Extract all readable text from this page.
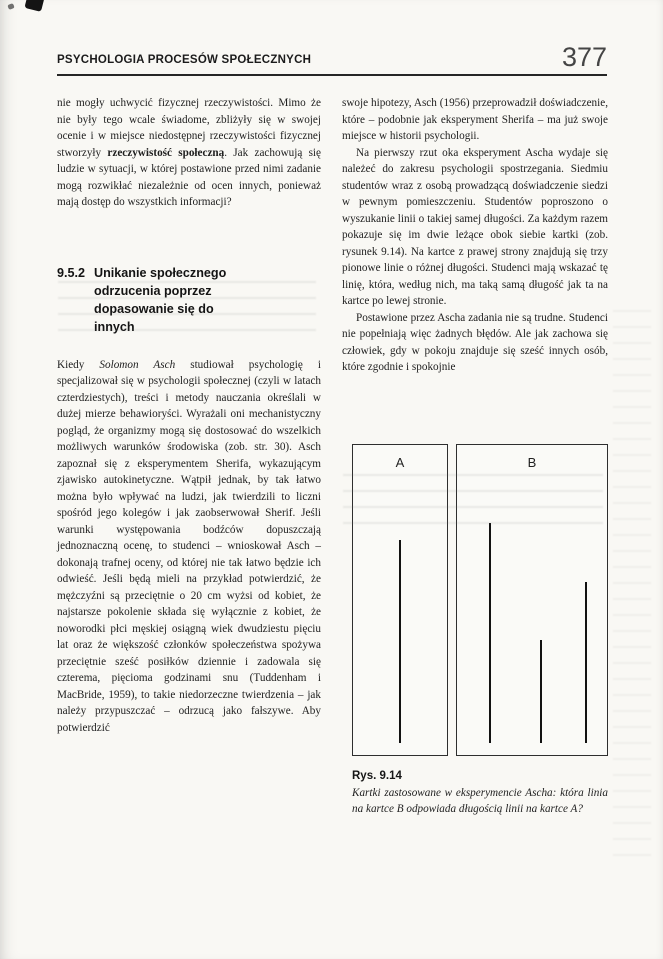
PSYCHOLOGIA PROCESÓW SPOŁECZNYCH	377

nie mogły uchwycić fizycznej rzeczywistości. Mimo że nie były tego wcale świadome, zbliżyły się w swojej ocenie i w miejsce niedostępnej rzeczywistości fizycznej stworzyły rzeczywistość społeczną. Jak zachowują się ludzie w sytuacji, w której postawione przed nimi zadanie mogą rozwikłać niezależnie od ocen innych, ponieważ mają dostęp do wszystkich informacji?

9.5.2 Unikanie społecznego odrzucenia poprzez dopasowanie się do innych

Kiedy Solomon Asch studiował psychologię i specjalizował się w psychologii społecznej (czyli w latach czterdziestych), treści i metody nauczania określali w dużej mierze behawioryści. Wyrażali oni mechanistyczny pogląd, że organizmy mogą się dostosować do wszelkich możliwych warunków środowiska (zob. str. 30). Asch zapoznał się z eksperymentem Sherifa, wykazującym zjawisko autokinetyczne. Wątpił jednak, by tak łatwo można było wpływać na ludzi, jak twierdzili to liczni spośród jego kolegów i jak zaobserwował Sherif. Jeśli warunki występowania bodźców dopuszczają jednoznaczną ocenę, to studenci – wnioskował Asch – dokonają trafnej oceny, od której nie tak łatwo będzie ich odwieść. Jeśli będą mieli na przykład potwierdzić, że mężczyźni są przeciętnie o 20 cm wyżsi od kobiet, że najstarsze pokolenie składa się wyłącznie z kobiet, że noworodki płci męskiej osiągną wiek dwudziestu pięciu lat oraz że większość członków społeczeństwa spożywa przeciętnie sześć posiłków dziennie i zadowala się czterema, pięcioma godzinami snu (Tuddenham i MacBride, 1959), to takie niedorzeczne twierdzenia – jak należy przypuszczać – odrzucą jako fałszywe. Aby potwierdzić

swoje hipotezy, Asch (1956) przeprowadził doświadczenie, które – podobnie jak eksperyment Sherifa – ma już swoje miejsce w historii psychologii.

Na pierwszy rzut oka eksperyment Ascha wydaje się należeć do zakresu psychologii spostrzegania. Siedmiu studentów wraz z osobą prowadzącą doświadczenie siedzi w pewnym pomieszczeniu. Studentów poproszono o wyszukanie linii o takiej samej długości. Za każdym razem pokazuje się im dwie leżące obok siebie kartki (zob. rysunek 9.14). Na kartce z prawej strony znajdują się trzy pionowe linie o różnej długości. Studenci mają wskazać tę linię, która, według nich, ma taką samą długość jak ta na kartce po lewej stronie.

Postawione przez Ascha zadania nie są trudne. Studenci nie popełniają więc żadnych błędów. Ale jak zachowa się człowiek, gdy w pokoju znajduje się sześć innych osób, które zgodnie i spokojnie

A	B
Rys. 9.14

Kartki zastosowane w eksperymencie Ascha: która linia na kartce B odpowiada długością linii na kartce A?
